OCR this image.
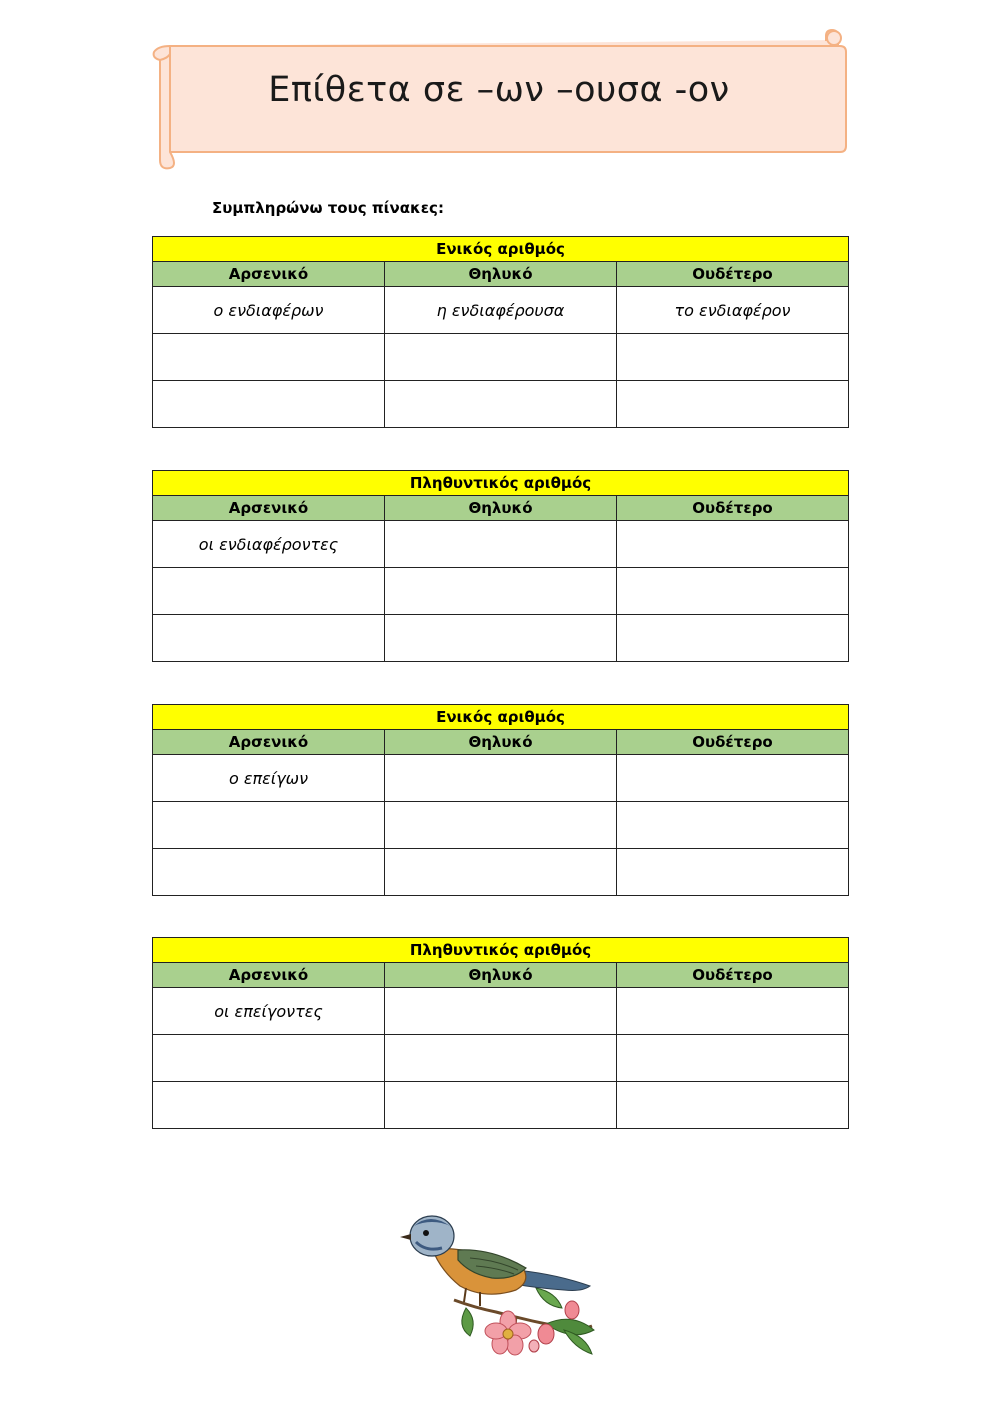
Επίθετα σε –ων –ουσα -ον
Συμπληρώνω τους πίνακες:
Ενικός αριθμός		
Αρσενικό	Θηλυκό	Ουδέτερο
ο ενδιαφέρων	η ενδιαφέρουσα	το ενδιαφέρον

Πληθυντικός αριθμός		
Αρσενικό	Θηλυκό	Ουδέτερο
οι ενδιαφέροντες		

Ενικός αριθμός		
Αρσενικό	Θηλυκό	Ουδέτερο
ο επείγων		

Πληθυντικός αριθμός		
Αρσενικό	Θηλυκό	Ουδέτερο
οι επείγοντες		
